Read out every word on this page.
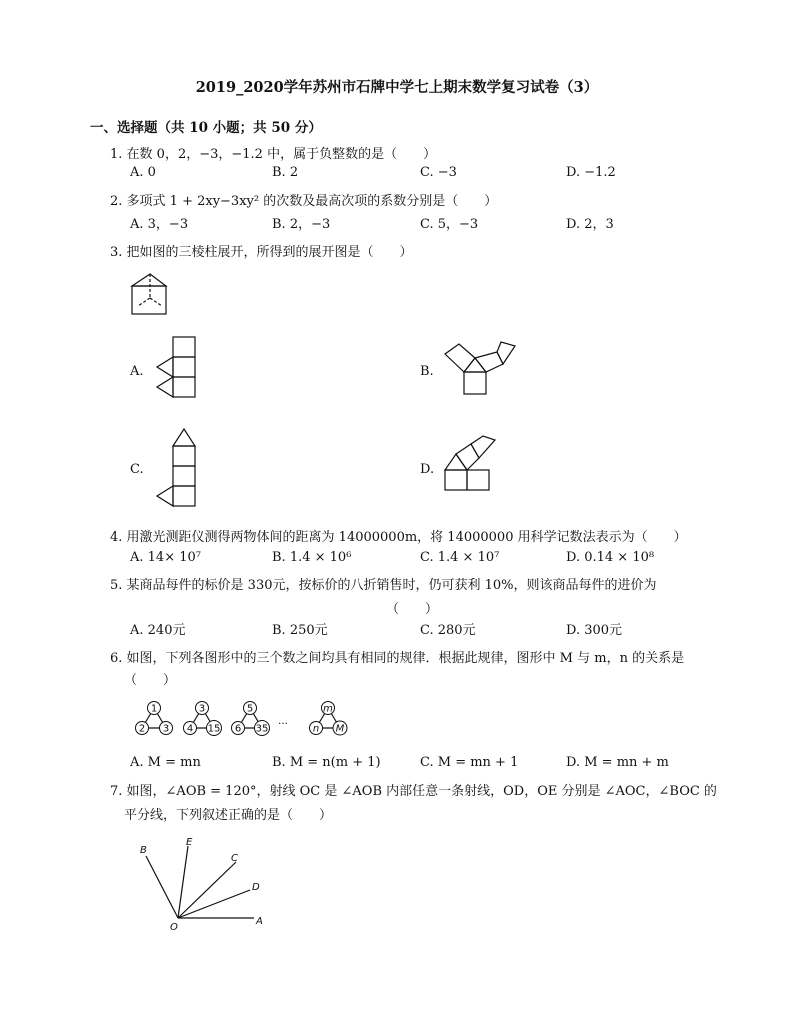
2019_2020学年苏州市石牌中学七上期末数学复习试卷（3）
一、选择题（共 10 小题；共 50 分）
1. 在数 0，2，−3，−1.2 中，属于负整数的是（　　）
A. 0	B. 2	C. −3	D. −1.2
2. 多项式 1 + 2xy−3xy² 的次数及最高次项的系数分别是（　　）
A. 3，−3	B. 2，−3	C. 5，−3	D. 2，3
3. 把如图的三棱柱展开，所得到的展开图是（　　）
A.	B.
C.	D.
4. 用激光测距仪测得两物体间的距离为 14000000m，将 14000000 用科学记数法表示为（　　）
A. 14× 10⁷	B. 1.4 × 10⁶	C. 1.4 × 10⁷	D. 0.14 × 10⁸
5. 某商品每件的标价是 330元，按标价的八折销售时，仍可获利 10%，则该商品每件的进价为
（　　）
A. 240元	B. 250元	C. 280元	D. 300元
6. 如图，下列各图形中的三个数之间均具有相同的规律．根据此规律，图形中 M 与 m，n 的关系是
（　　）
1
2 3
3
4 15
5
6 35
…
m
n M
A. M = mn	B. M = n(m + 1)	C. M = mn + 1	D. M = mn + m
7. 如图，∠AOB = 120°，射线 OC 是 ∠AOB 内部任意一条射线，OD，OE 分别是 ∠AOC，∠BOC 的
平分线，下列叙述正确的是（　　）
B
E
C
D
A
O
